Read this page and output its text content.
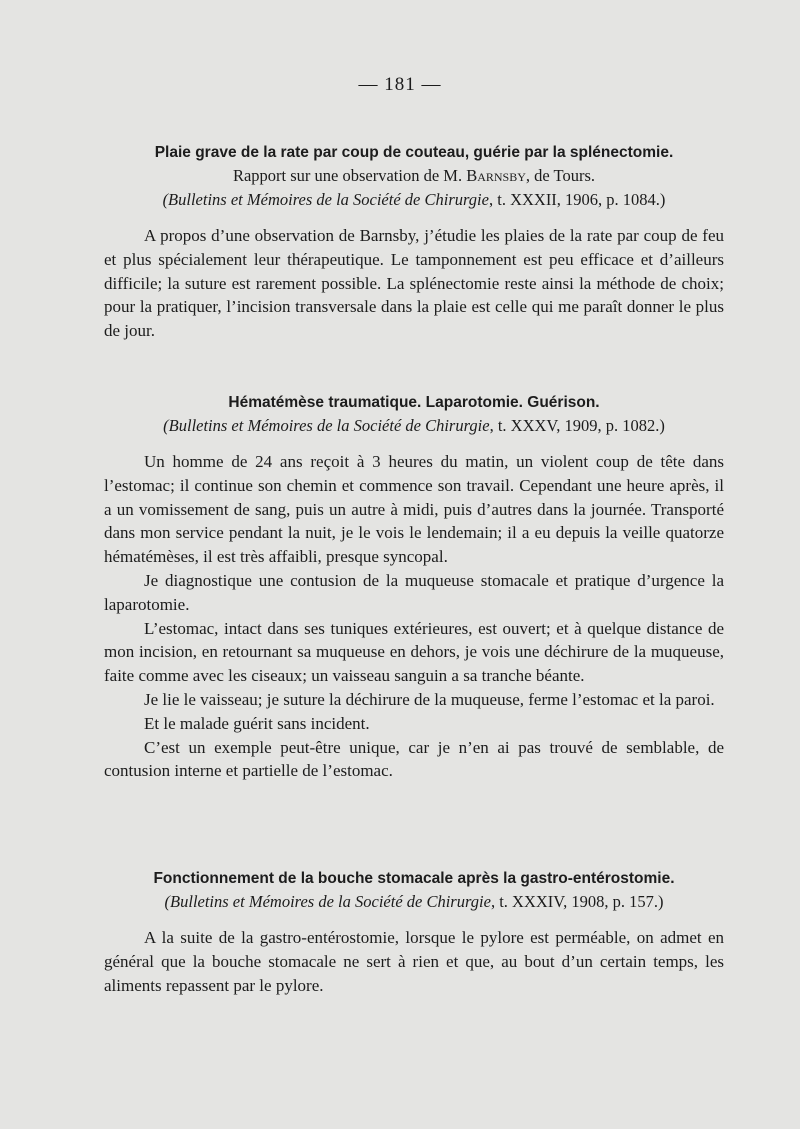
— 181 —

Plaie grave de la rate par coup de couteau, guérie par la splénectomie.

Rapport sur une observation de M. Barnsby, de Tours.

(Bulletins et Mémoires de la Société de Chirurgie, t. XXXII, 1906, p. 1084.)

A propos d’une observation de Barnsby, j’étudie les plaies de la rate par coup de feu et plus spécialement leur thérapeutique. Le tamponnement est peu efficace et d’ailleurs difficile; la suture est rarement possible. La splénectomie reste ainsi la méthode de choix; pour la pratiquer, l’incision transversale dans la plaie est celle qui me paraît donner le plus de jour.

Hématémèse traumatique. Laparotomie. Guérison.

(Bulletins et Mémoires de la Société de Chirurgie, t. XXXV, 1909, p. 1082.)

Un homme de 24 ans reçoit à 3 heures du matin, un violent coup de tête dans l’estomac; il continue son chemin et commence son travail. Cependant une heure après, il a un vomissement de sang, puis un autre à midi, puis d’autres dans la journée. Transporté dans mon service pendant la nuit, je le vois le lendemain; il a eu depuis la veille quatorze hématémèses, il est très affaibli, presque syncopal.

Je diagnostique une contusion de la muqueuse stomacale et pratique d’urgence la laparotomie.

L’estomac, intact dans ses tuniques extérieures, est ouvert; et à quelque distance de mon incision, en retournant sa muqueuse en dehors, je vois une déchirure de la muqueuse, faite comme avec les ciseaux; un vaisseau sanguin a sa tranche béante.

Je lie le vaisseau; je suture la déchirure de la muqueuse, ferme l’estomac et la paroi.

Et le malade guérit sans incident.

C’est un exemple peut-être unique, car je n’en ai pas trouvé de semblable, de contusion interne et partielle de l’estomac.

Fonctionnement de la bouche stomacale après la gastro-entérostomie.

(Bulletins et Mémoires de la Société de Chirurgie, t. XXXIV, 1908, p. 157.)

A la suite de la gastro-entérostomie, lorsque le pylore est perméable, on admet en général que la bouche stomacale ne sert à rien et que, au bout d’un certain temps, les aliments repassent par le pylore.
